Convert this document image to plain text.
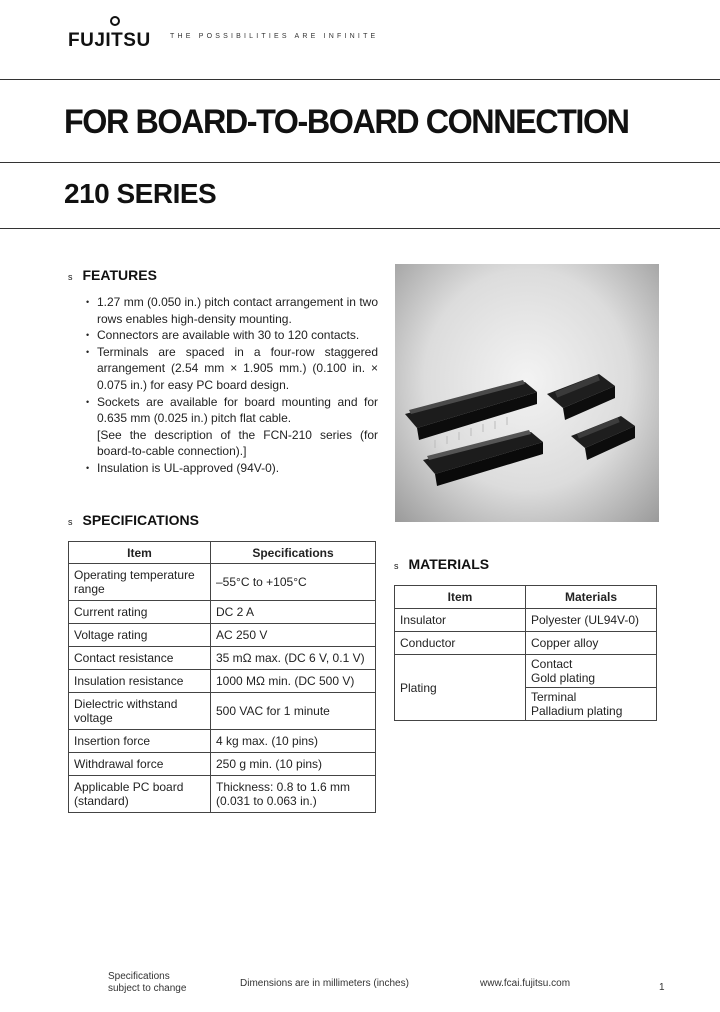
FUJITSU	THE POSSIBILITIES ARE INFINITE
FOR BOARD-TO-BOARD CONNECTION
210 SERIES
s FEATURES
• 1.27 mm (0.050 in.) pitch contact arrangement in two rows enables high-density mounting.
• Connectors are available with 30 to 120 contacts.
• Terminals are spaced in a four-row staggered arrangement (2.54 mm × 1.905 mm.) (0.100 in. × 0.075 in.) for easy PC board design.
• Sockets are available for board mounting and for 0.635 mm (0.025 in.) pitch flat cable.
[See the description of the FCN-210 series (for board-to-cable connection).]
• Insulation is UL-approved (94V-0).
s SPECIFICATIONS
Item	Specifications
Operating temperature range	–55°C to +105°C
Current rating	DC 2 A
Voltage rating	AC 250 V
Contact resistance	35 mΩ max. (DC 6 V, 0.1 V)
Insulation resistance	1000 MΩ min. (DC 500 V)
Dielectric withstand voltage	500 VAC for 1 minute
Insertion force	4 kg max. (10 pins)
Withdrawal force	250 g min. (10 pins)
Applicable PC board (standard)	Thickness: 0.8 to 1.6 mm (0.031 to 0.063 in.)
s MATERIALS
Item	Materials
Insulator	Polyester (UL94V-0)
Conductor	Copper alloy
Plating	ContactGold plating
	TerminalPalladium plating
Specifications
subject to change	Dimensions are in millimeters (inches)	www.fcai.fujitsu.com	1
